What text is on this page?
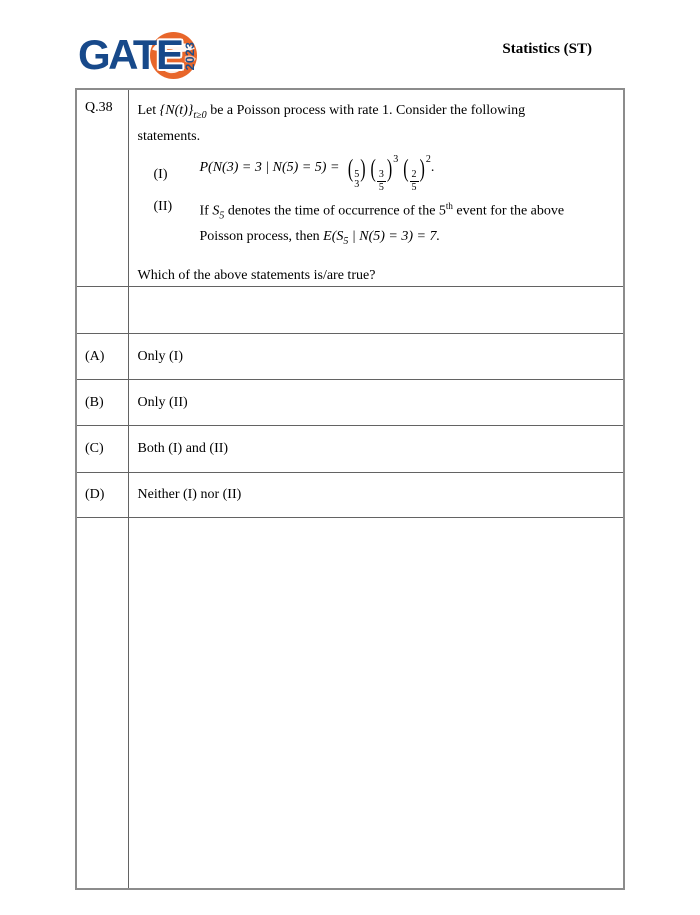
2023
GATE	Statistics (ST)
Q.38	Let $\{N(t)\}_{t\ge 0}$ be a Poisson process with rate 1. Consider the following
statements.
(I)	P(N(3) = 3 | N(5) = 5) = ( 5
3
) ( $\frac{3}{5} )^3$ ( $\frac{2}{5} )^2$.
(II)	If $S_5$ denotes the time of occurrence of the 5th event for the above
Poisson process, then $E(S_5$ | N(5) = 3) = 7.
Which of the above statements is/are true?

(A)	Only (I)
(B)	Only (II)
(C)	Both (I) and (II)
(D)	Neither (I) nor (II)
